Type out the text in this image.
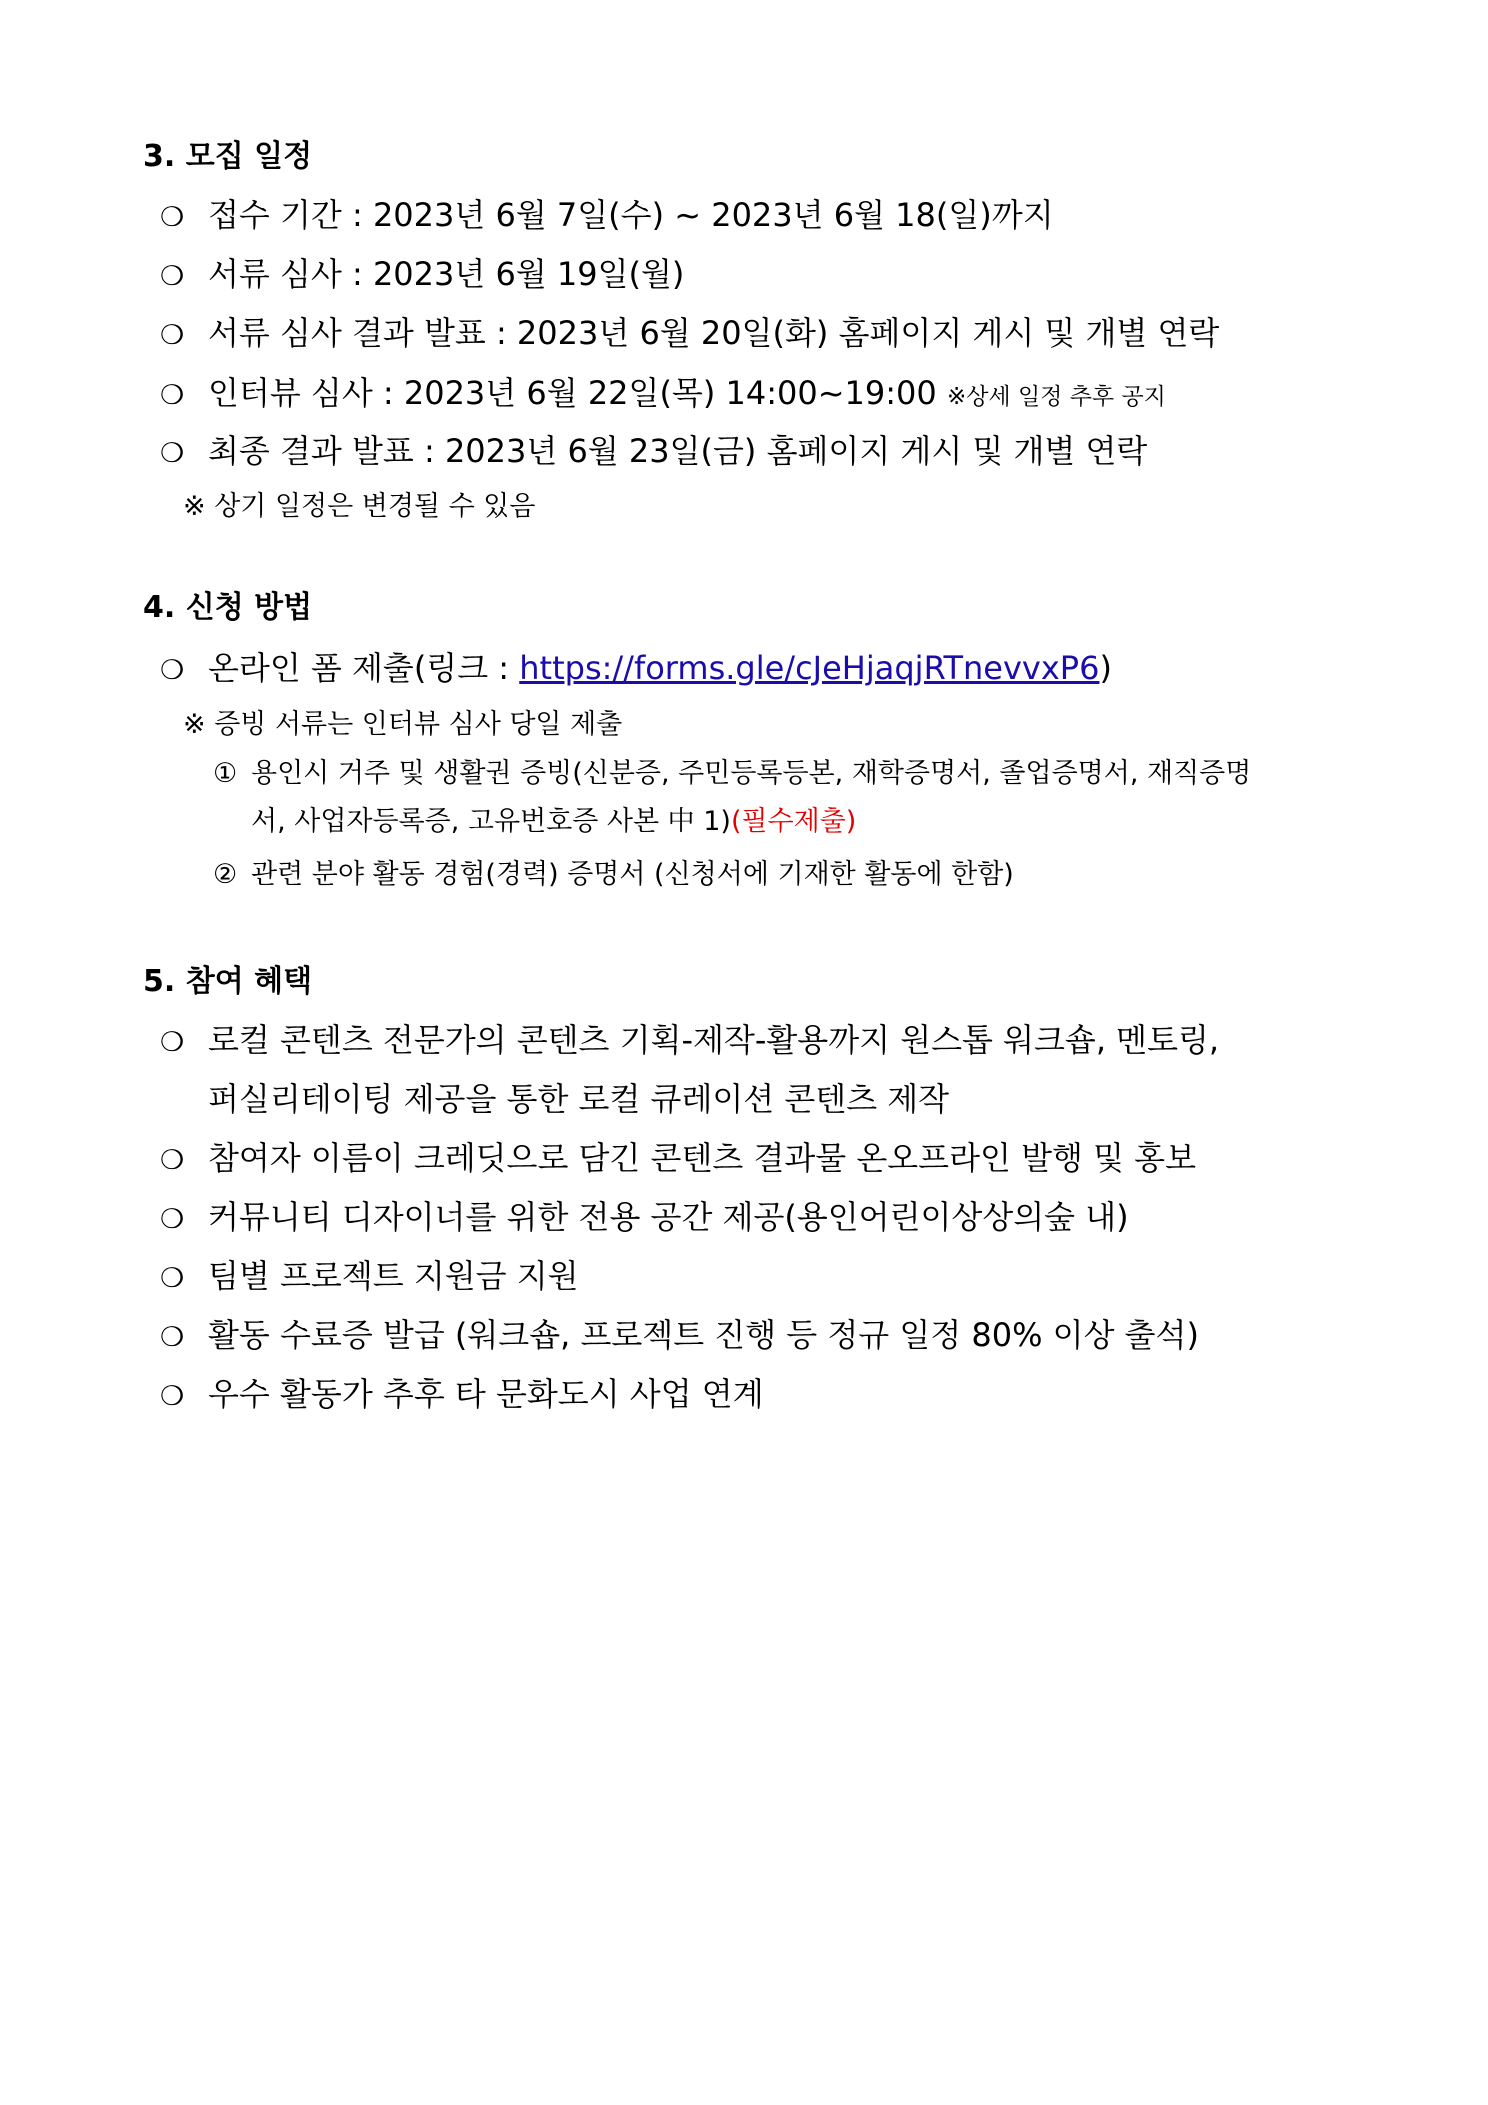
3. 모집 일정
❍ 접수 기간 : 2023년 6월 7일(수) ~ 2023년 6월 18(일)까지
❍ 서류 심사 : 2023년 6월 19일(월)
❍ 서류 심사 결과 발표 : 2023년 6월 20일(화) 홈페이지 게시 및 개별 연락
❍ 인터뷰 심사 : 2023년 6월 22일(목) 14:00~19:00 ※상세 일정 추후 공지
❍ 최종 결과 발표 : 2023년 6월 23일(금) 홈페이지 게시 및 개별 연락
※ 상기 일정은 변경될 수 있음
4. 신청 방법
❍ 온라인 폼 제출(링크 : https://forms.gle/cJeHjaqjRTnevvxP6)
※ 증빙 서류는 인터뷰 심사 당일 제출
① 용인시 거주 및 생활권 증빙(신분증, 주민등록등본, 재학증명서, 졸업증명서, 재직증명
서, 사업자등록증, 고유번호증 사본 中 1)(필수제출)
② 관련 분야 활동 경험(경력) 증명서 (신청서에 기재한 활동에 한함)
5. 참여 혜택
❍ 로컬 콘텐츠 전문가의 콘텐츠 기획-제작-활용까지 원스톱 워크숍, 멘토링,
퍼실리테이팅 제공을 통한 로컬 큐레이션 콘텐츠 제작
❍ 참여자 이름이 크레딧으로 담긴 콘텐츠 결과물 온오프라인 발행 및 홍보
❍ 커뮤니티 디자이너를 위한 전용 공간 제공(용인어린이상상의숲 내)
❍ 팀별 프로젝트 지원금 지원
❍ 활동 수료증 발급 (워크숍, 프로젝트 진행 등 정규 일정 80% 이상 출석)
❍ 우수 활동가 추후 타 문화도시 사업 연계
